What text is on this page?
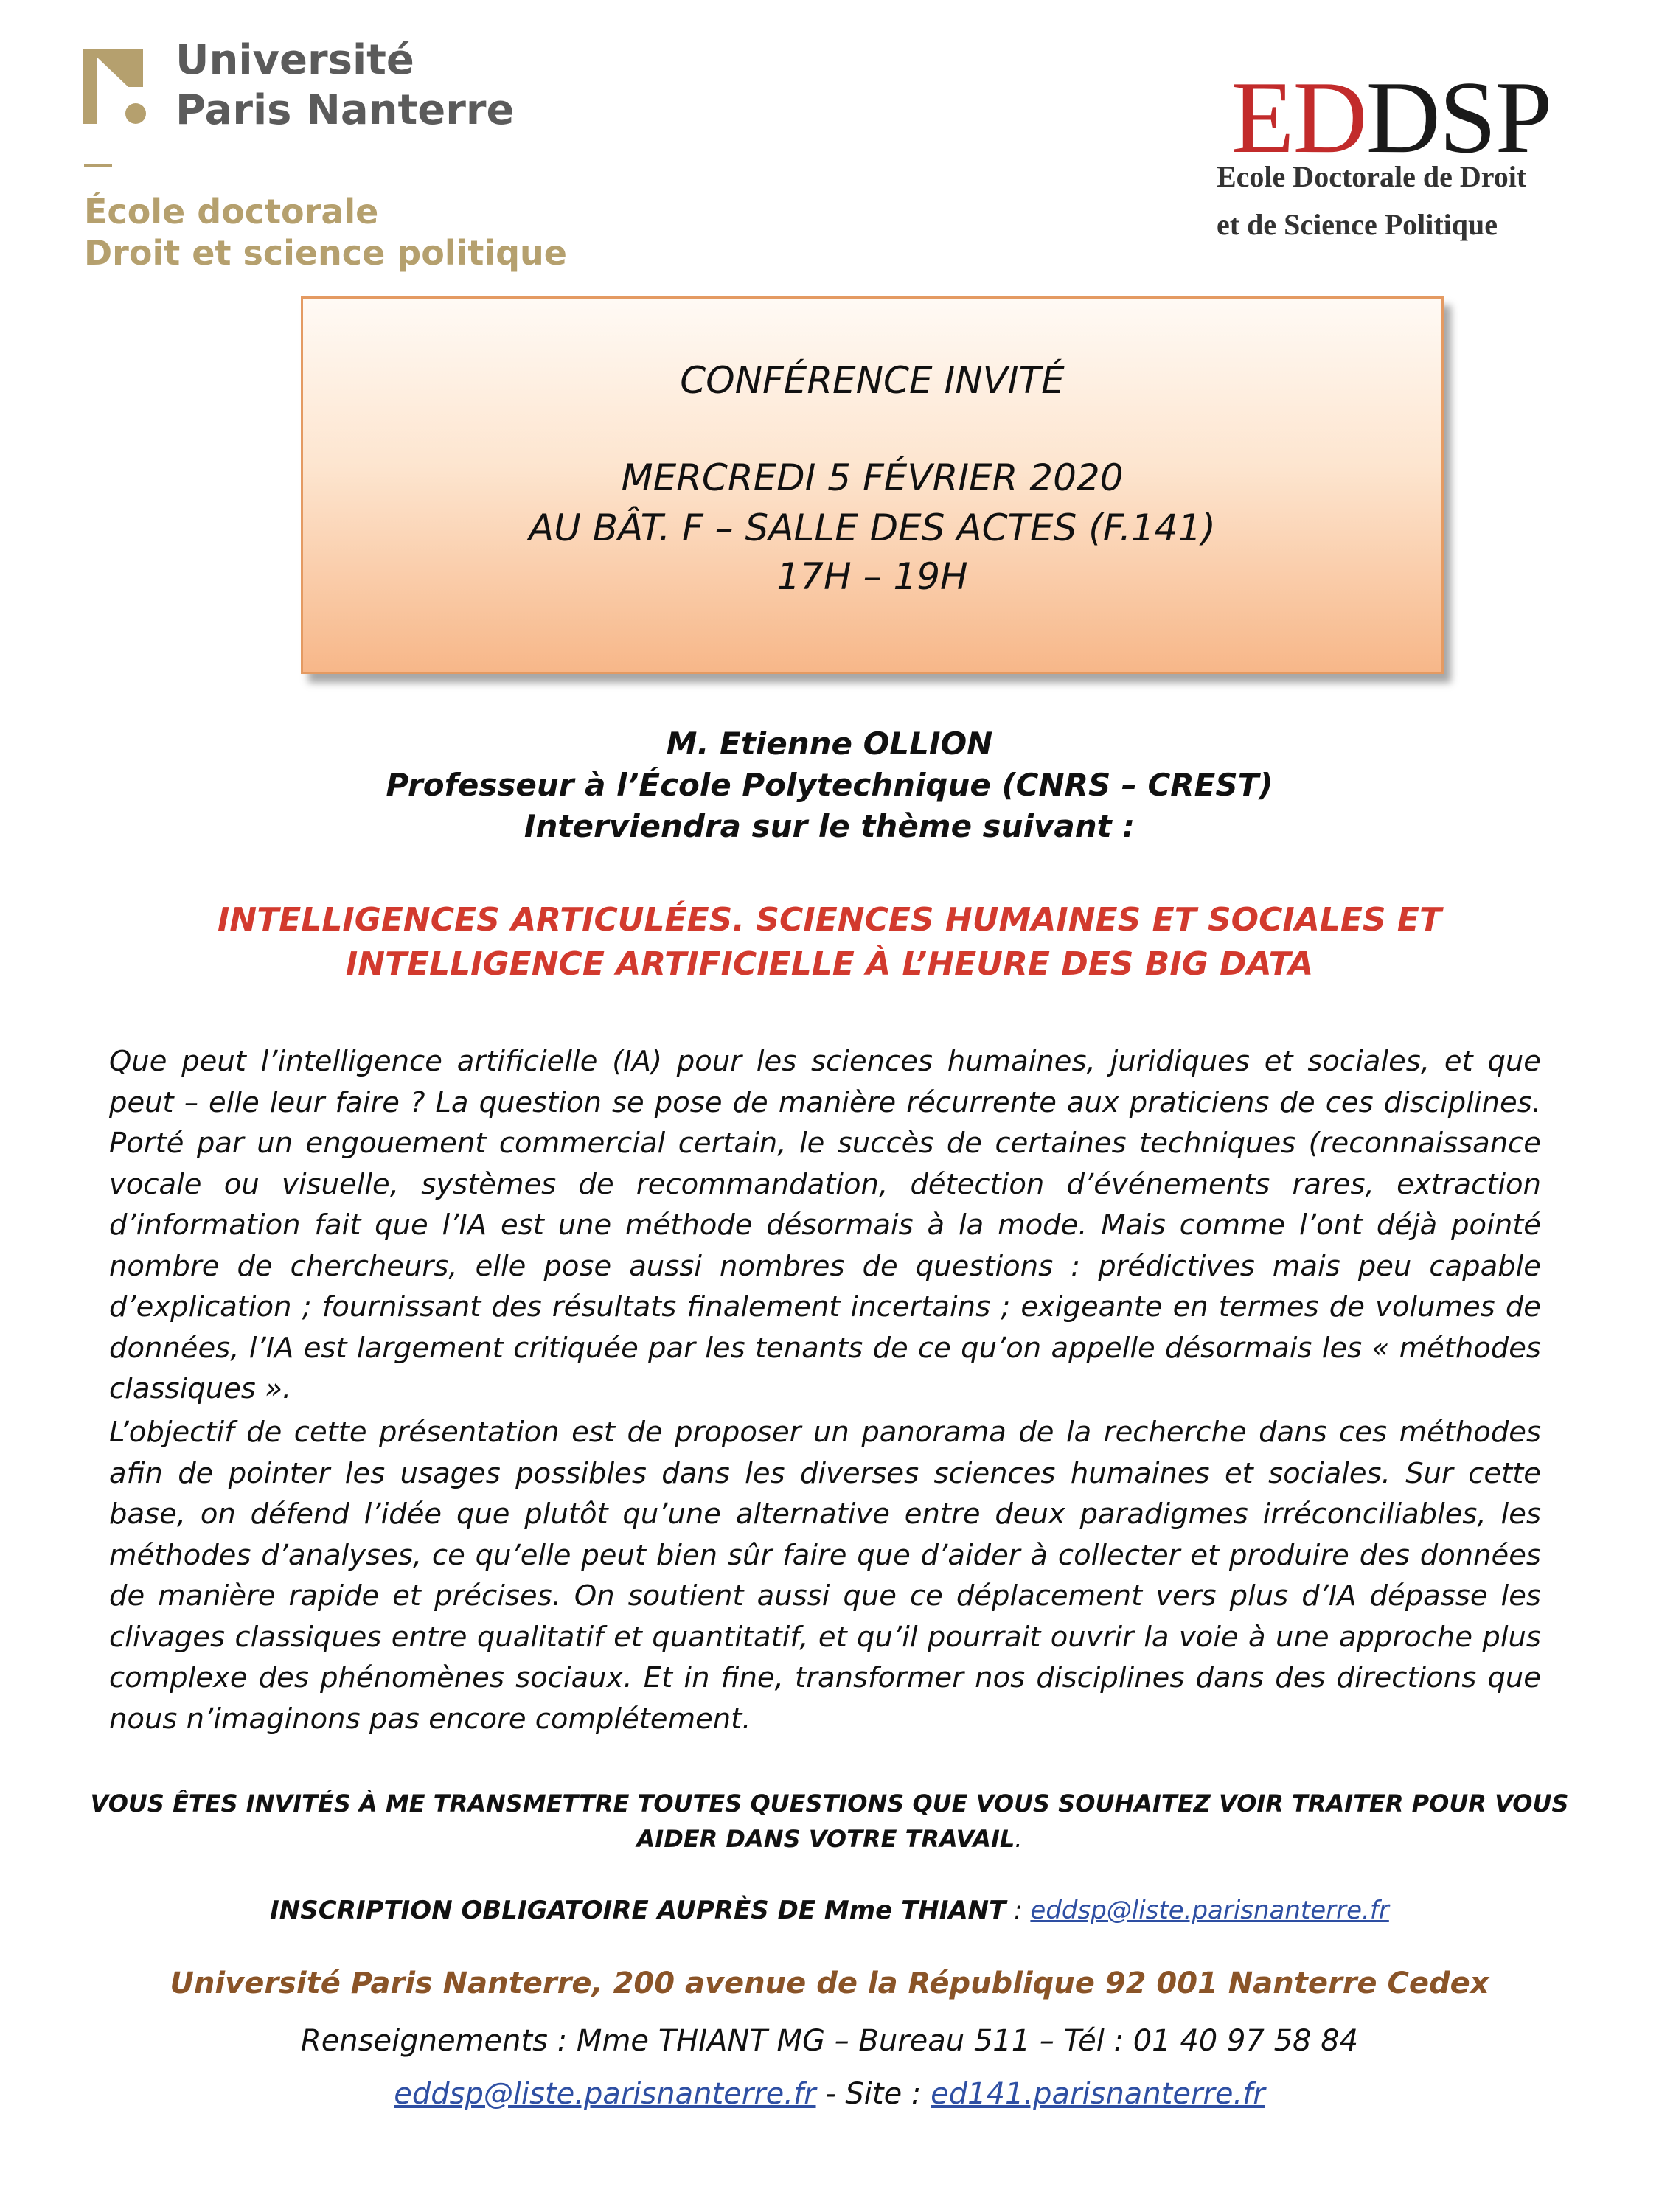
Université
Paris Nanterre
École doctorale
Droit et science politique
EDDSP
Ecole Doctorale de Droit
et de Science Politique
CONFÉRENCE INVITÉ
MERCREDI 5 FÉVRIER 2020
AU BÂT. F – SALLE DES ACTES (F.141)
17H – 19H
M. Etienne OLLION
Professeur à l’École Polytechnique (CNRS – CREST)
Interviendra sur le thème suivant :
INTELLIGENCES ARTICULÉES. SCIENCES HUMAINES ET SOCIALES ET
INTELLIGENCE ARTIFICIELLE À L’HEURE DES BIG DATA
Que peut l’intelligence artificielle (IA) pour les sciences humaines, juridiques et sociales, et que peut – elle leur faire ? La question se pose de manière récurrente aux praticiens de ces disciplines. Porté par un engouement commercial certain, le succès de certaines techniques (reconnaissance vocale ou visuelle, systèmes de recommandation, détection d’événements rares, extraction d’information fait que l’IA est une méthode désormais à la mode. Mais comme l’ont déjà pointé nombre de chercheurs, elle pose aussi nombres de questions : prédictives mais peu capable d’explication ; fournissant des résultats finalement incertains ; exigeante en termes de volumes de données, l’IA est largement critiquée par les tenants de ce qu’on appelle désormais les « méthodes classiques ».
L’objectif de cette présentation est de proposer un panorama de la recherche dans ces méthodes afin de pointer les usages possibles dans les diverses sciences humaines et sociales. Sur cette base, on défend l’idée que plutôt qu’une alternative entre deux paradigmes irréconciliables, les méthodes d’analyses, ce qu’elle peut bien sûr faire que d’aider à collecter et produire des données de manière rapide et précises. On soutient aussi que ce déplacement vers plus d’IA dépasse les clivages classiques entre qualitatif et quantitatif, et qu’il pourrait ouvrir la voie à une approche plus complexe des phénomènes sociaux. Et in fine, transformer nos disciplines dans des directions que nous n’imaginons pas encore complétement.
VOUS ÊTES INVITÉS À ME TRANSMETTRE TOUTES QUESTIONS QUE VOUS SOUHAITEZ VOIR TRAITER POUR VOUS
AIDER DANS VOTRE TRAVAIL.
INSCRIPTION OBLIGATOIRE AUPRÈS DE Mme THIANT : eddsp@liste.parisnanterre.fr
Université Paris Nanterre, 200 avenue de la République 92 001 Nanterre Cedex
Renseignements : Mme THIANT MG – Bureau 511 – Tél : 01 40 97 58 84
eddsp@liste.parisnanterre.fr - Site : ed141.parisnanterre.fr
